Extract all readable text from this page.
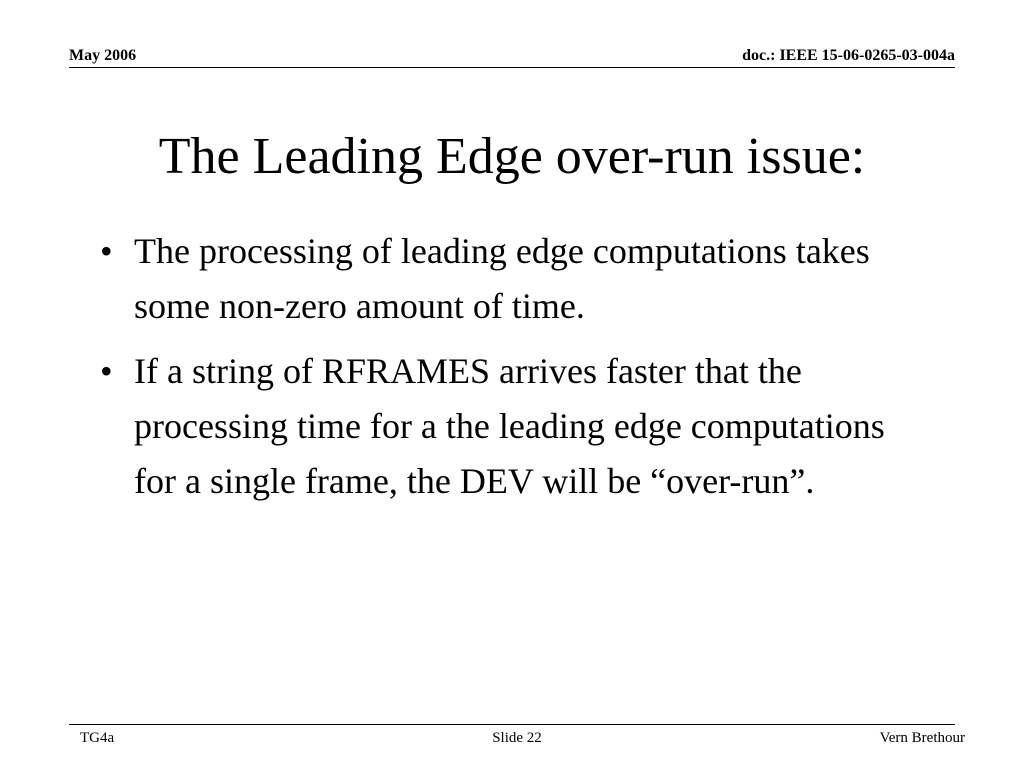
May 2006	doc.: IEEE 15-06-0265-03-004a
The Leading Edge over-run issue:
• The processing of leading edge computations takes some non-zero amount of time.
• If a string of RFRAMES arrives faster that the processing time for a the leading edge computations for a single frame, the DEV will be “over-run”.
TG4a	Slide 22	Vern Brethour
